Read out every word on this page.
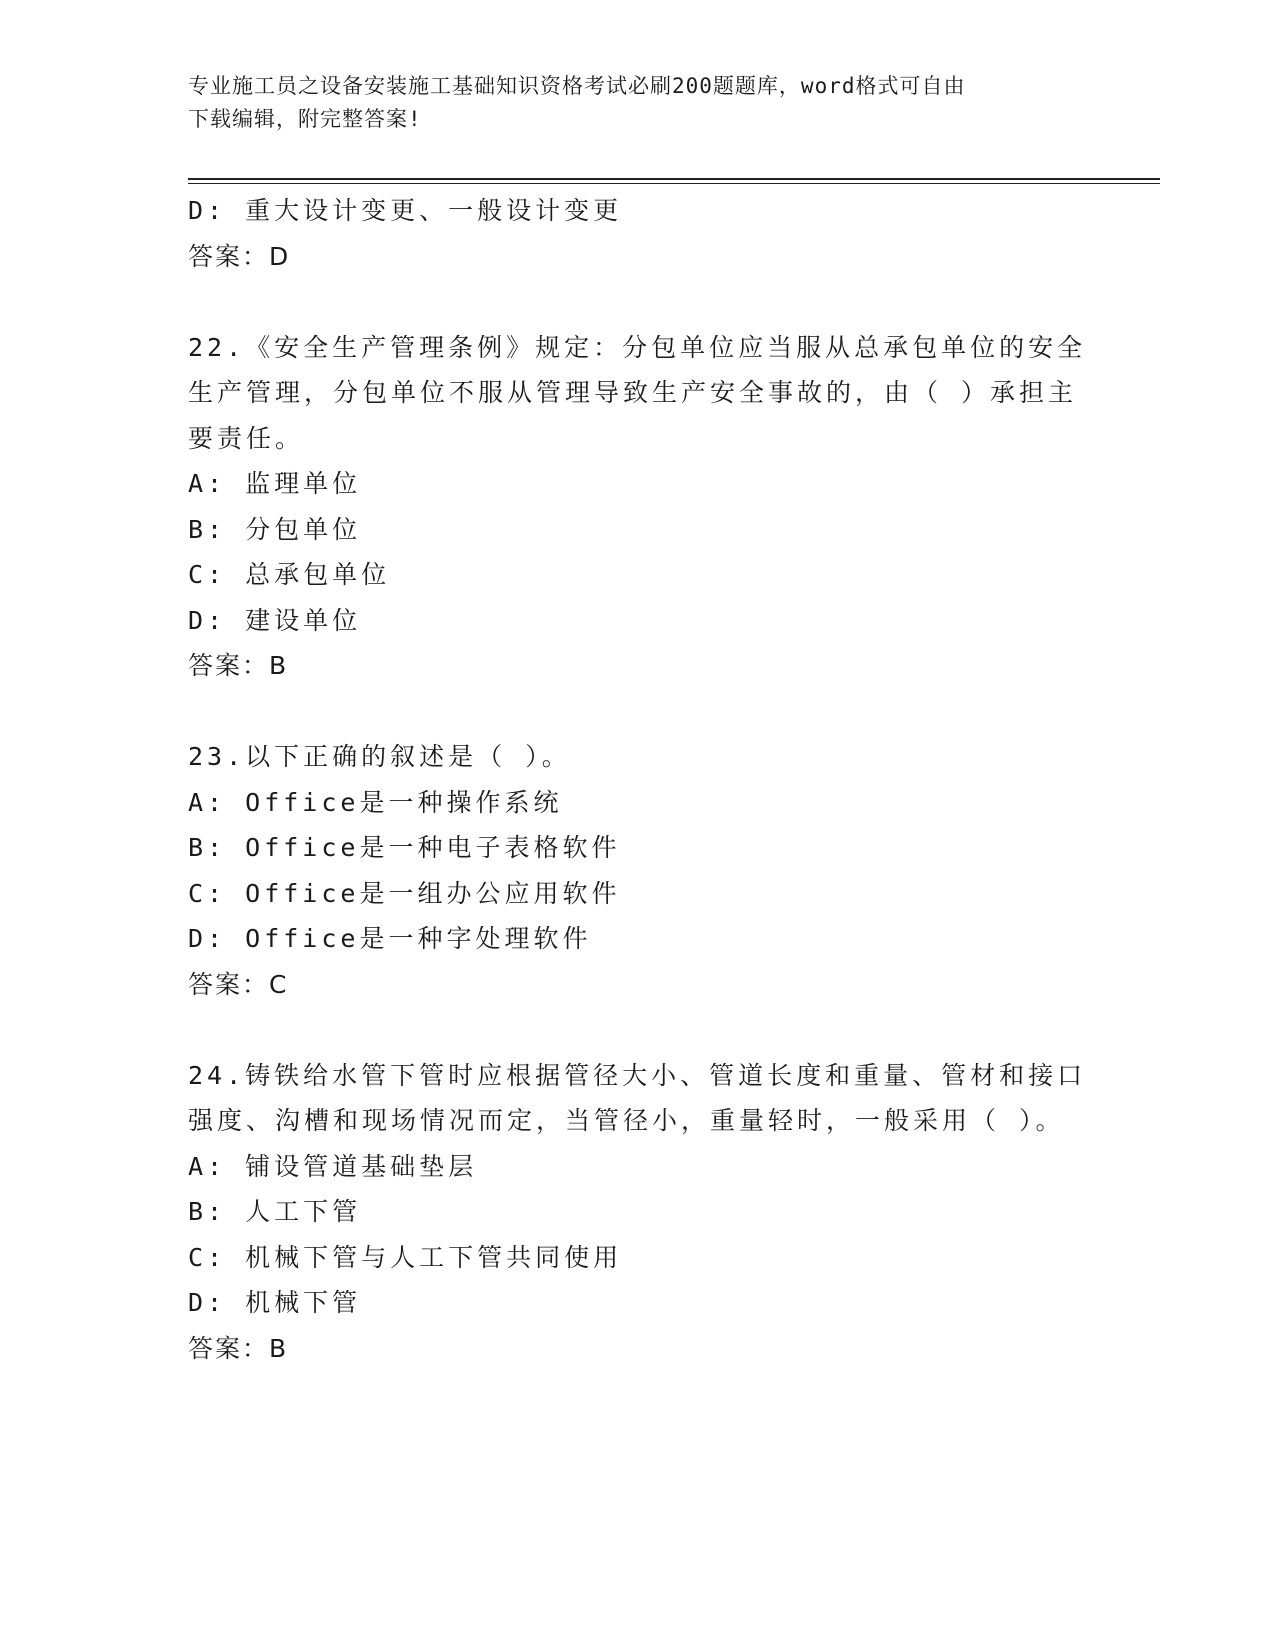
专业施工员之设备安装施工基础知识资格考试必刷200题题库，word格式可自由
下载编辑，附完整答案!
D: 重大设计变更、一般设计变更
答案：D
22.《安全生产管理条例》规定：分包单位应当服从总承包单位的安全
生产管理，分包单位不服从管理导致生产安全事故的，由（ ）承担主
要责任。
A: 监理单位
B: 分包单位
C: 总承包单位
D: 建设单位
答案：B
23.以下正确的叙述是（ ）。
A: Office是一种操作系统
B: Office是一种电子表格软件
C: Office是一组办公应用软件
D: Office是一种字处理软件
答案：C
24.铸铁给水管下管时应根据管径大小、管道长度和重量、管材和接口
强度、沟槽和现场情况而定，当管径小，重量轻时，一般采用（ ）。
A: 铺设管道基础垫层
B: 人工下管
C: 机械下管与人工下管共同使用
D: 机械下管
答案：B
